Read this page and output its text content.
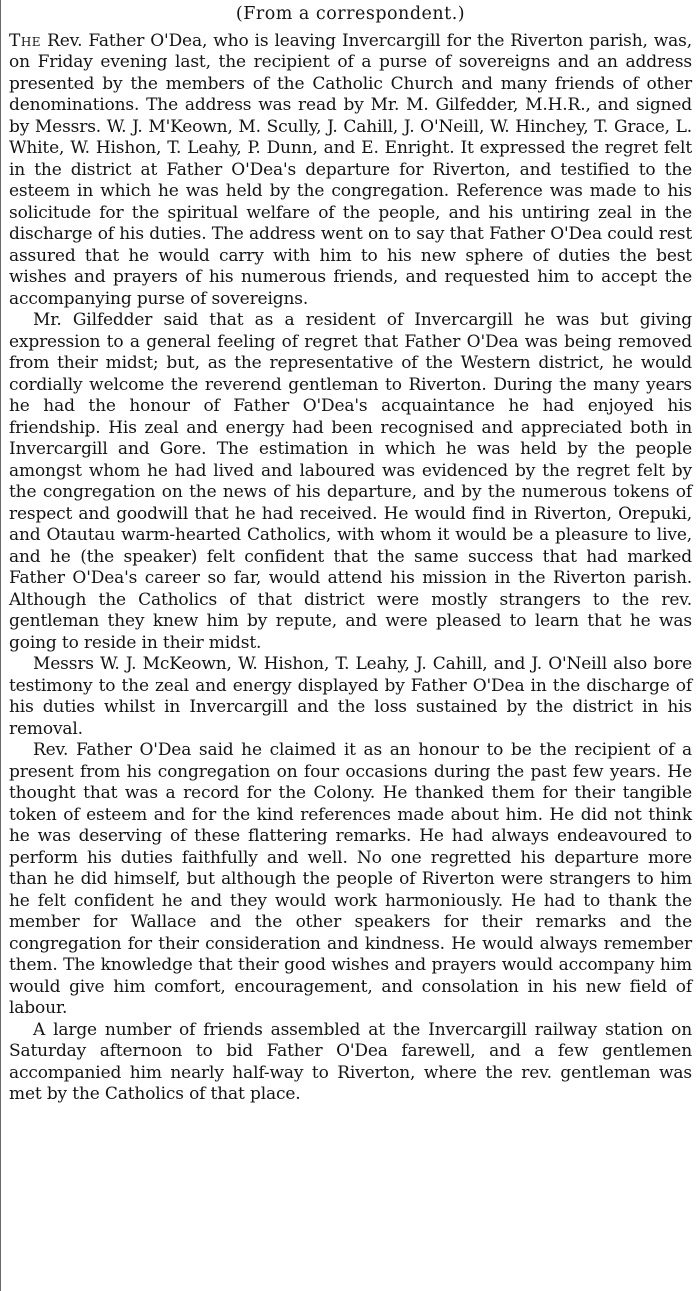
(From a correspondent.)

The Rev. Father O'Dea, who is leaving Invercargill for the Riverton parish, was, on Friday evening last, the recipient of a purse of sovereigns and an address presented by the members of the Catholic Church and many friends of other denominations. The address was read by Mr. M. Gilfedder, M.H.R., and signed by Messrs. W. J. M'Keown, M. Scully, J. Cahill, J. O'Neill, W. Hinchey, T. Grace, L. White, W. Hishon, T. Leahy, P. Dunn, and E. Enright. It expressed the regret felt in the district at Father O'Dea's departure for Riverton, and testified to the esteem in which he was held by the congregation. Reference was made to his solicitude for the spiritual welfare of the people, and his untiring zeal in the discharge of his duties. The address went on to say that Father O'Dea could rest assured that he would carry with him to his new sphere of duties the best wishes and prayers of his numerous friends, and requested him to accept the accompanying purse of sovereigns.

Mr. Gilfedder said that as a resident of Invercargill he was but giving expression to a general feeling of regret that Father O'Dea was being removed from their midst; but, as the representative of the Western district, he would cordially welcome the reverend gentleman to Riverton. During the many years he had the honour of Father O'Dea's acquaintance he had enjoyed his friendship. His zeal and energy had been recognised and appreciated both in Invercargill and Gore. The estimation in which he was held by the people amongst whom he had lived and laboured was evidenced by the regret felt by the congregation on the news of his departure, and by the numerous tokens of respect and goodwill that he had received. He would find in Riverton, Orepuki, and Otautau warm-hearted Catholics, with whom it would be a pleasure to live, and he (the speaker) felt confident that the same success that had marked Father O'Dea's career so far, would attend his mission in the Riverton parish. Although the Catholics of that district were mostly strangers to the rev. gentleman they knew him by repute, and were pleased to learn that he was going to reside in their midst.

Messrs W. J. McKeown, W. Hishon, T. Leahy, J. Cahill, and J. O'Neill also bore testimony to the zeal and energy displayed by Father O'Dea in the discharge of his duties whilst in Invercargill and the loss sustained by the district in his removal.

Rev. Father O'Dea said he claimed it as an honour to be the recipient of a present from his congregation on four occasions during the past few years. He thought that was a record for the Colony. He thanked them for their tangible token of esteem and for the kind references made about him. He did not think he was deserving of these flattering remarks. He had always endeavoured to perform his duties faithfully and well. No one regretted his departure more than he did himself, but although the people of Riverton were strangers to him he felt confident he and they would work harmoniously. He had to thank the member for Wallace and the other speakers for their remarks and the congregation for their consideration and kindness. He would always remember them. The knowledge that their good wishes and prayers would accompany him would give him comfort, encouragement, and consolation in his new field of labour.

A large number of friends assembled at the Invercargill railway station on Saturday afternoon to bid Father O'Dea farewell, and a few gentlemen accompanied him nearly half-way to Riverton, where the rev. gentleman was met by the Catholics of that place.
